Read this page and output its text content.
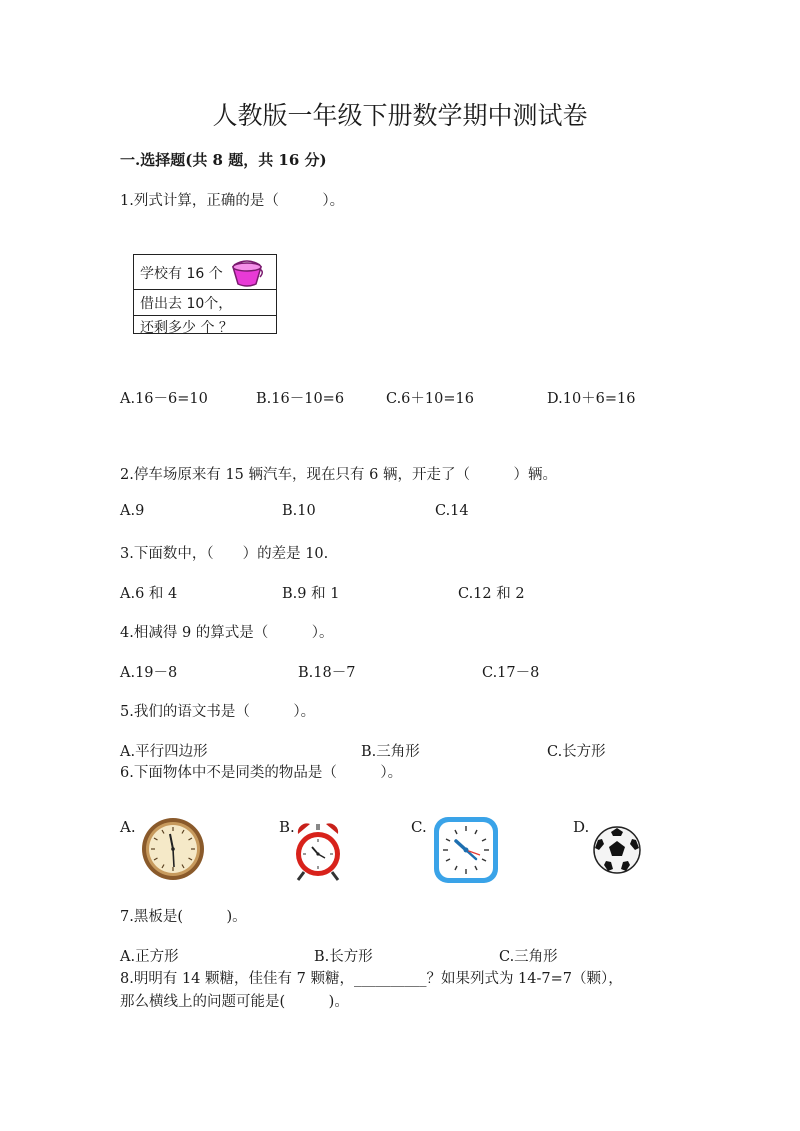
人教版一年级下册数学期中测试卷
一.选择题(共 8 题，共 16 分)
1.列式计算，正确的是（　　　）。
学校有 16 个
借出去 10个，
还剩多少 个 ？
A.16－6=10	B.16－10=6	C.6＋10=16	D.10＋6=16
2.停车场原来有 15 辆汽车，现在只有 6 辆，开走了（　　　）辆。
A.9	B.10	C.14
3.下面数中，（　　）的差是 10.
A.6 和 4	B.9 和 1	C.12 和 2
4.相减得 9 的算式是（　　　）。
A.19－8	B.18－7	C.17－8
5.我们的语文书是（　　　）。
A.平行四边形	B.三角形	C.长方形
6.下面物体中不是同类的物品是（　　　）。
A.	B.	C.	D.
7.黑板是(　　　)。
A.正方形	B.长方形	C.三角形
8.明明有 14 颗糖，佳佳有 7 颗糖，__________？如果列式为 14-7=7（颗），
那么横线上的问题可能是(　　　)。
